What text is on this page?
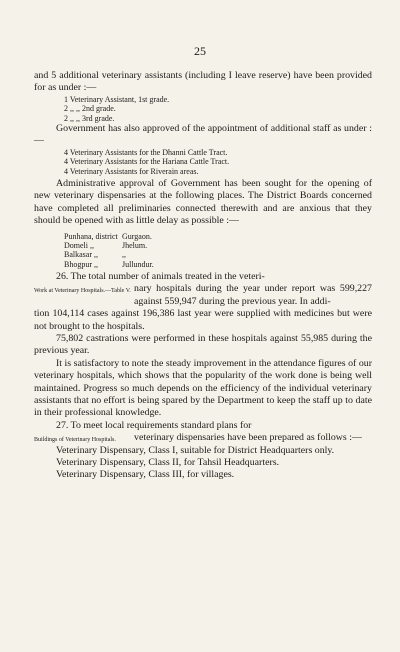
25

and 5 additional veterinary assistants (including I leave reserve) have been provided for as under :—

1 Veterinary Assistant, 1st grade.
2 ,, ,, 2nd grade.
2 ,, ,, 3rd grade.

Government has also approved of the appointment of additional staff as under :—

4 Veterinary Assistants for the Dhanni Cattle Tract.
4 Veterinary Assistants for the Hariana Cattle Tract.
4 Veterinary Assistants for Riverain areas.

Administrative approval of Government has been sought for the opening of new veterinary dispensaries at the following places. The District Boards concerned have completed all preliminaries connected therewith and are anxious that they should be opened with as little delay as possible :—

Punhana, district Gurgaon.
Domeli ,,	Jhelum.
Balkasar ,,	,,
Bhogpur ,,	Jullundur.

26. The total number of animals treated in the veteri-

Work at Veterinary Hospitals.—Table V. nary hospitals during the year under report was 599,227 against 559,947 during the previous year. In addi-

tion 104,114 cases against 196,386 last year were supplied with medicines but were not brought to the hospitals.

75,802 castrations were performed in these hospitals against 55,985 during the previous year.

It is satisfactory to note the steady improvement in the attendance figures of our veterinary hospitals, which shows that the popularity of the work done is being well maintained. Progress so much depends on the efficiency of the individual veterinary assistants that no effort is being spared by the Department to keep the staff up to date in their professional knowledge.

27. To meet local requirements standard plans for

Buildings of Veterinary Hospitals.	veterinary dispensaries have been prepared as follows :—

Veterinary Dispensary, Class I, suitable for District Headquarters only.

Veterinary Dispensary, Class II, for Tahsil Headquarters.

Veterinary Dispensary, Class III, for villages.
